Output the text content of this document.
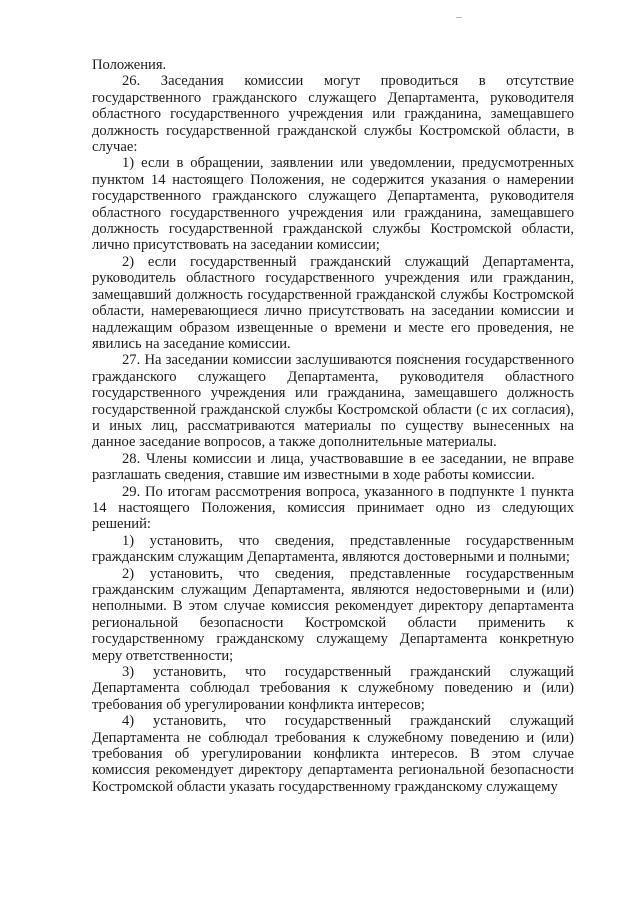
Положения.

26. Заседания комиссии могут проводиться в отсутствие государственного гражданского служащего Департамента, руководителя областного государственного учреждения или гражданина, замещавшего должность государственной гражданской службы Костромской области, в случае:

1) если в обращении, заявлении или уведомлении, предусмотренных пунктом 14 настоящего Положения, не содержится указания о намерении государственного гражданского служащего Департамента, руководителя областного государственного учреждения или гражданина, замещавшего должность государственной гражданской службы Костромской области, лично присутствовать на заседании комиссии;

2) если государственный гражданский служащий Департамента, руководитель областного государственного учреждения или гражданин, замещавший должность государственной гражданской службы Костромской области, намеревающиеся лично присутствовать на заседании комиссии и надлежащим образом извещенные о времени и месте его проведения, не явились на заседание комиссии.

27. На заседании комиссии заслушиваются пояснения государственного гражданского служащего Департамента, руководителя областного государственного учреждения или гражданина, замещавшего должность государственной гражданской службы Костромской области (с их согласия), и иных лиц, рассматриваются материалы по существу вынесенных на данное заседание вопросов, а также дополнительные материалы.

28. Члены комиссии и лица, участвовавшие в ее заседании, не вправе разглашать сведения, ставшие им известными в ходе работы комиссии.

29. По итогам рассмотрения вопроса, указанного в подпункте 1 пункта 14 настоящего Положения, комиссия принимает одно из следующих решений:

1) установить, что сведения, представленные государственным гражданским служащим Департамента, являются достоверными и полными;

2) установить, что сведения, представленные государственным гражданским служащим Департамента, являются недостоверными и (или) неполными. В этом случае комиссия рекомендует директору департамента региональной безопасности Костромской области применить к государственному гражданскому служащему Департамента конкретную меру ответственности;

3) установить, что государственный гражданский служащий Департамента соблюдал требования к служебному поведению и (или) требования об урегулировании конфликта интересов;

4) установить, что государственный гражданский служащий Департамента не соблюдал требования к служебному поведению и (или) требования об урегулировании конфликта интересов. В этом случае комиссия рекомендует директору департамента региональной безопасности Костромской области указать государственному гражданскому служащему
